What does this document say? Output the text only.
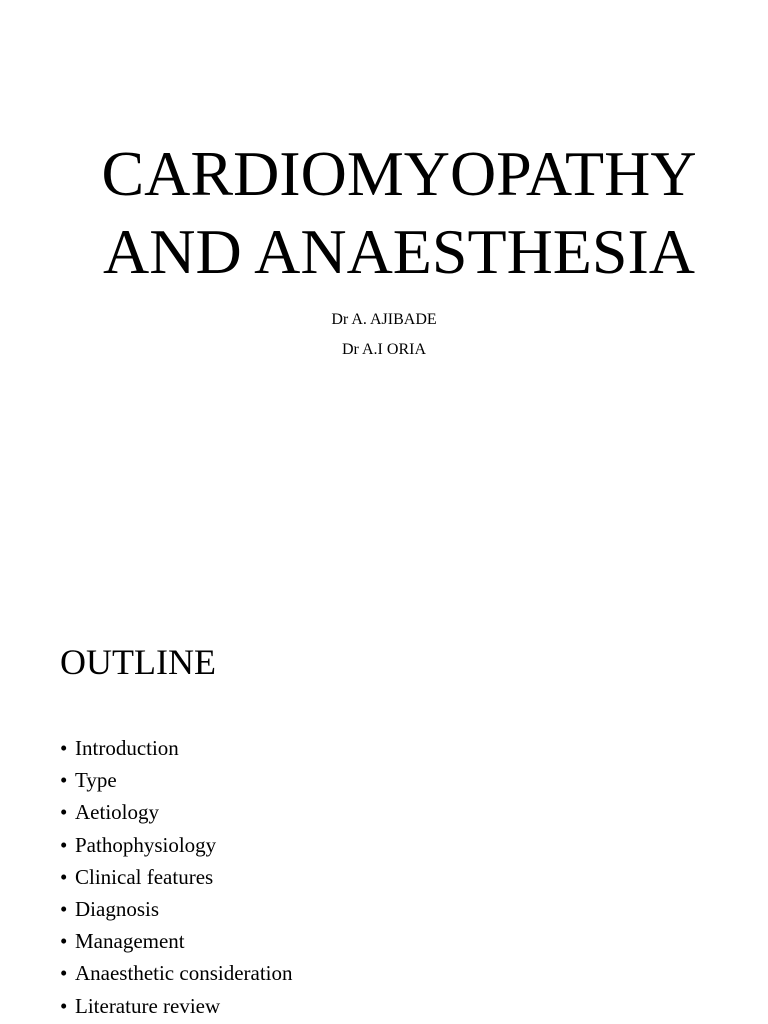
CARDIOMYOPATHY
AND ANAESTHESIA
Dr A. AJIBADE
Dr A.I ORIA
OUTLINE
• Introduction
• Type
• Aetiology
• Pathophysiology
• Clinical features
• Diagnosis
• Management
• Anaesthetic consideration
• Literature review
